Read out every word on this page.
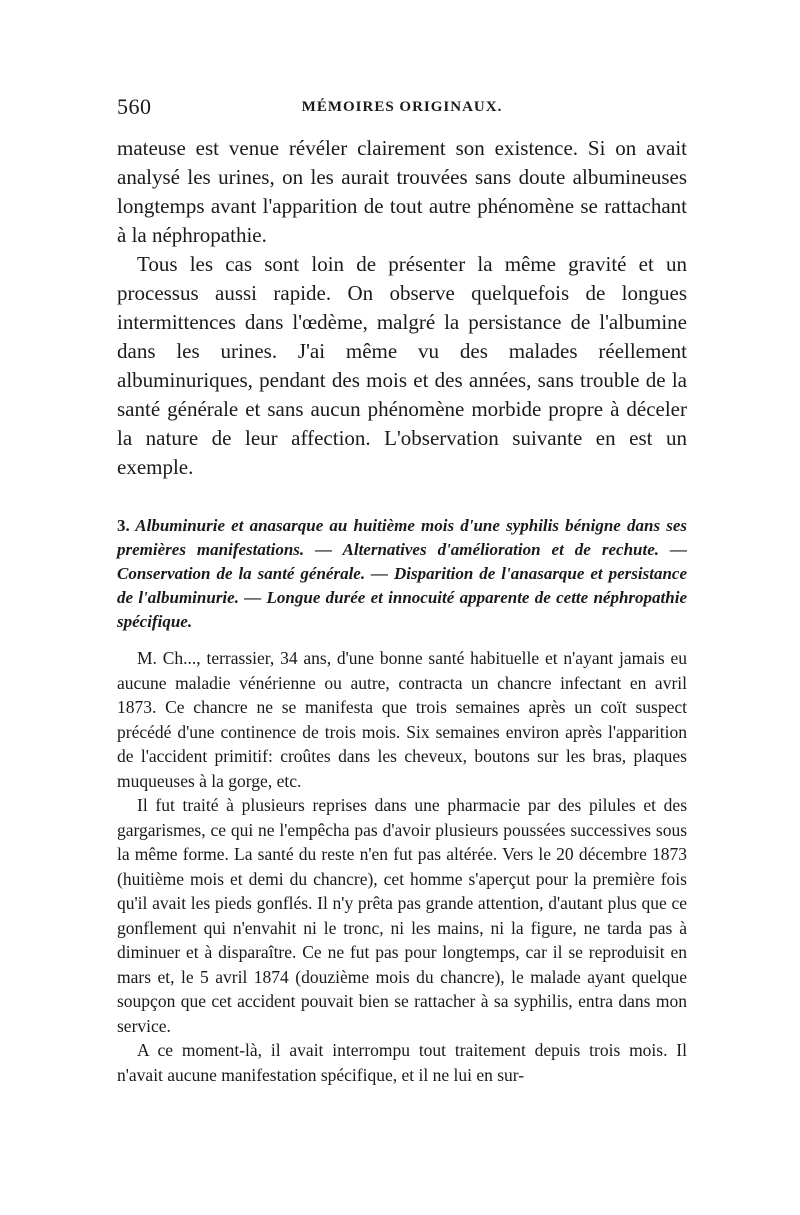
560	MÉMOIRES ORIGINAUX.

mateuse est venue révéler clairement son existence. Si on avait analysé les urines, on les aurait trouvées sans doute albumineuses longtemps avant l'apparition de tout autre phénomène se rattachant à la néphropathie.

Tous les cas sont loin de présenter la même gravité et un processus aussi rapide. On observe quelquefois de longues intermittences dans l'œdème, malgré la persistance de l'albumine dans les urines. J'ai même vu des malades réellement albuminuriques, pendant des mois et des années, sans trouble de la santé générale et sans aucun phénomène morbide propre à déceler la nature de leur affection. L'observation suivante en est un exemple.

3. Albuminurie et anasarque au huitième mois d'une syphilis bénigne dans ses premières manifestations. — Alternatives d'amélioration et de rechute. — Conservation de la santé générale. — Disparition de l'anasarque et persistance de l'albuminurie. — Longue durée et innocuité apparente de cette néphropathie spécifique.

M. Ch..., terrassier, 34 ans, d'une bonne santé habituelle et n'ayant jamais eu aucune maladie vénérienne ou autre, contracta un chancre infectant en avril 1873. Ce chancre ne se manifesta que trois semaines après un coït suspect précédé d'une continence de trois mois. Six semaines environ après l'apparition de l'accident primitif: croûtes dans les cheveux, boutons sur les bras, plaques muqueuses à la gorge, etc.

Il fut traité à plusieurs reprises dans une pharmacie par des pilules et des gargarismes, ce qui ne l'empêcha pas d'avoir plusieurs poussées successives sous la même forme. La santé du reste n'en fut pas altérée. Vers le 20 décembre 1873 (huitième mois et demi du chancre), cet homme s'aperçut pour la première fois qu'il avait les pieds gonflés. Il n'y prêta pas grande attention, d'autant plus que ce gonflement qui n'envahit ni le tronc, ni les mains, ni la figure, ne tarda pas à diminuer et à disparaître. Ce ne fut pas pour longtemps, car il se reproduisit en mars et, le 5 avril 1874 (douzième mois du chancre), le malade ayant quelque soupçon que cet accident pouvait bien se rattacher à sa syphilis, entra dans mon service.

A ce moment-là, il avait interrompu tout traitement depuis trois mois. Il n'avait aucune manifestation spécifique, et il ne lui en sur-
